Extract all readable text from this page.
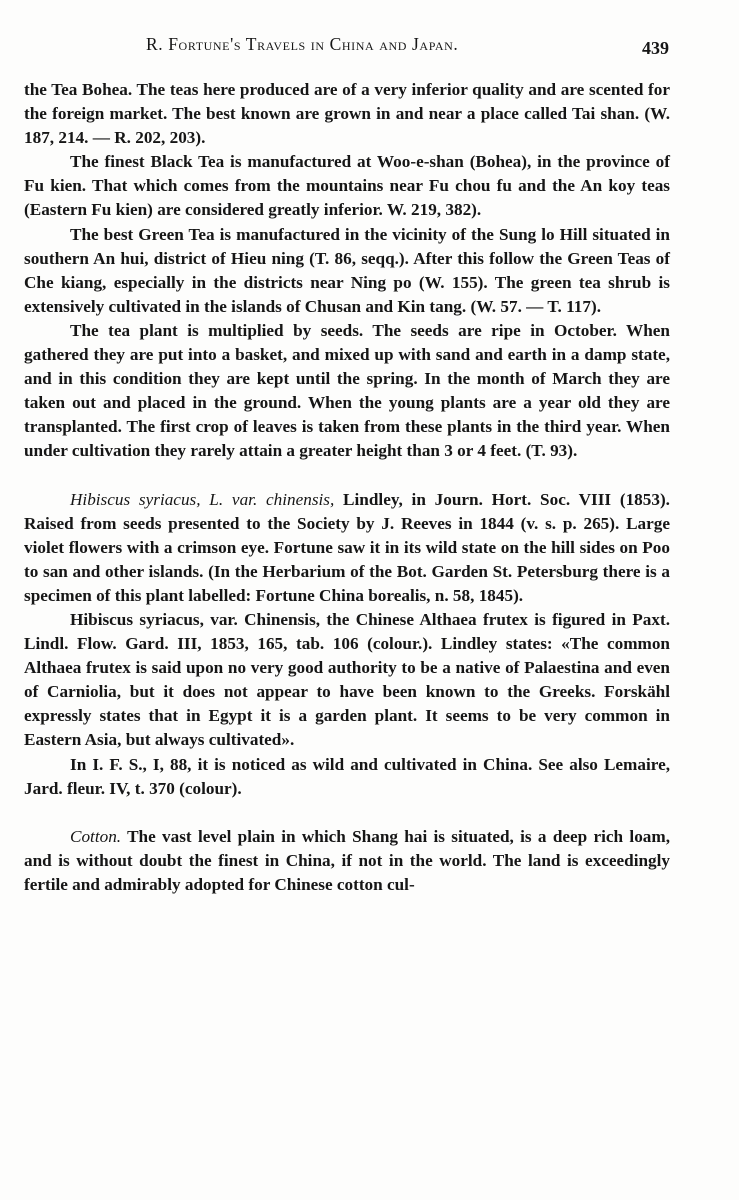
R. Fortune's Travels in China and Japan.	439

the Tea Bohea. The teas here produced are of a very inferior quality and are scented for the foreign market. The best known are grown in and near a place called Tai shan. (W. 187, 214. — R. 202, 203).

The finest Black Tea is manufactured at Woo-e-shan (Bohea), in the province of Fu kien. That which comes from the mountains near Fu chou fu and the An koy teas (Eastern Fu kien) are considered greatly inferior. W. 219, 382).

The best Green Tea is manufactured in the vicinity of the Sung lo Hill situated in southern An hui, district of Hieu ning (T. 86, seqq.). After this follow the Green Teas of Che kiang, especially in the districts near Ning po (W. 155). The green tea shrub is extensively cultivated in the islands of Chusan and Kin tang. (W. 57. — T. 117).

The tea plant is multiplied by seeds. The seeds are ripe in October. When gathered they are put into a basket, and mixed up with sand and earth in a damp state, and in this condition they are kept until the spring. In the month of March they are taken out and placed in the ground. When the young plants are a year old they are transplanted. The first crop of leaves is taken from these plants in the third year. When under cultivation they rarely attain a greater height than 3 or 4 feet. (T. 93).

Hibiscus syriacus, L. var. chinensis, Lindley, in Journ. Hort. Soc. VIII (1853). Raised from seeds presented to the Society by J. Reeves in 1844 (v. s. p. 265). Large violet flowers with a crimson eye. Fortune saw it in its wild state on the hill sides on Poo to san and other islands. (In the Herbarium of the Bot. Garden St. Petersburg there is a specimen of this plant labelled: Fortune China borealis, n. 58, 1845).

Hibiscus syriacus, var. Chinensis, the Chinese Althaea frutex is figured in Paxt. Lindl. Flow. Gard. III, 1853, 165, tab. 106 (colour.). Lindley states: «The common Althaea frutex is said upon no very good authority to be a native of Palaestina and even of Carniolia, but it does not appear to have been known to the Greeks. Forskähl expressly states that in Egypt it is a garden plant. It seems to be very common in Eastern Asia, but always cultivated».

In I. F. S., I, 88, it is noticed as wild and cultivated in China. See also Lemaire, Jard. fleur. IV, t. 370 (colour).

Cotton. The vast level plain in which Shang hai is situated, is a deep rich loam, and is without doubt the finest in China, if not in the world. The land is exceedingly fertile and admirably adopted for Chinese cotton cul-
